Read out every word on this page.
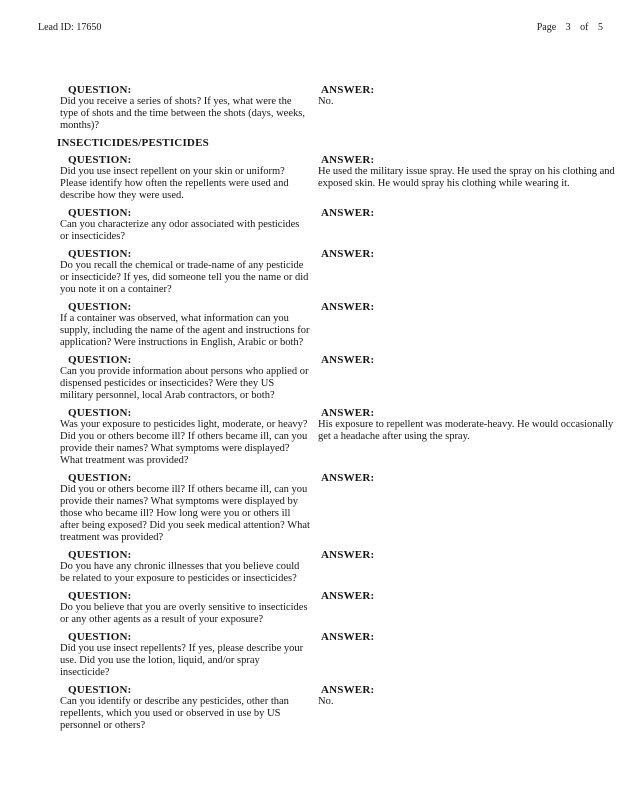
Lead ID: 17650	Page 3 of 5
QUESTION:
Did you receive a series of shots? If yes, what were the type of shots and the time between the shots (days, weeks, months)?
ANSWER:
No.
INSECTICIDES/PESTICIDES
QUESTION:
Did you use insect repellent on your skin or uniform? Please identify how often the repellents were used and describe how they were used.
ANSWER:
He used the military issue spray. He used the spray on his clothing and exposed skin. He would spray his clothing while wearing it.
QUESTION:
Can you characterize any odor associated with pesticides or insecticides?
ANSWER:
QUESTION:
Do you recall the chemical or trade-name of any pesticide or insecticide? If yes, did someone tell you the name or did you note it on a container?
ANSWER:
QUESTION:
If a container was observed, what information can you supply, including the name of the agent and instructions for application? Were instructions in English, Arabic or both?
ANSWER:
QUESTION:
Can you provide information about persons who applied or dispensed pesticides or insecticides? Were they US military personnel, local Arab contractors, or both?
ANSWER:
QUESTION:
Was your exposure to pesticides light, moderate, or heavy? Did you or others become ill? If others became ill, can you provide their names? What symptoms were displayed? What treatment was provided?
ANSWER:
His exposure to repellent was moderate-heavy. He would occasionally get a headache after using the spray.
QUESTION:
Did you or others become ill? If others became ill, can you provide their names? What symptoms were displayed by those who became ill? How long were you or others ill after being exposed? Did you seek medical attention? What treatment was provided?
ANSWER:
QUESTION:
Do you have any chronic illnesses that you believe could be related to your exposure to pesticides or insecticides?
ANSWER:
QUESTION:
Do you believe that you are overly sensitive to insecticides or any other agents as a result of your exposure?
ANSWER:
QUESTION:
Did you use insect repellents? If yes, please describe your use. Did you use the lotion, liquid, and/or spray insecticide?
ANSWER:
QUESTION:
Can you identify or describe any pesticides, other than repellents, which you used or observed in use by US personnel or others?
ANSWER:
No.
